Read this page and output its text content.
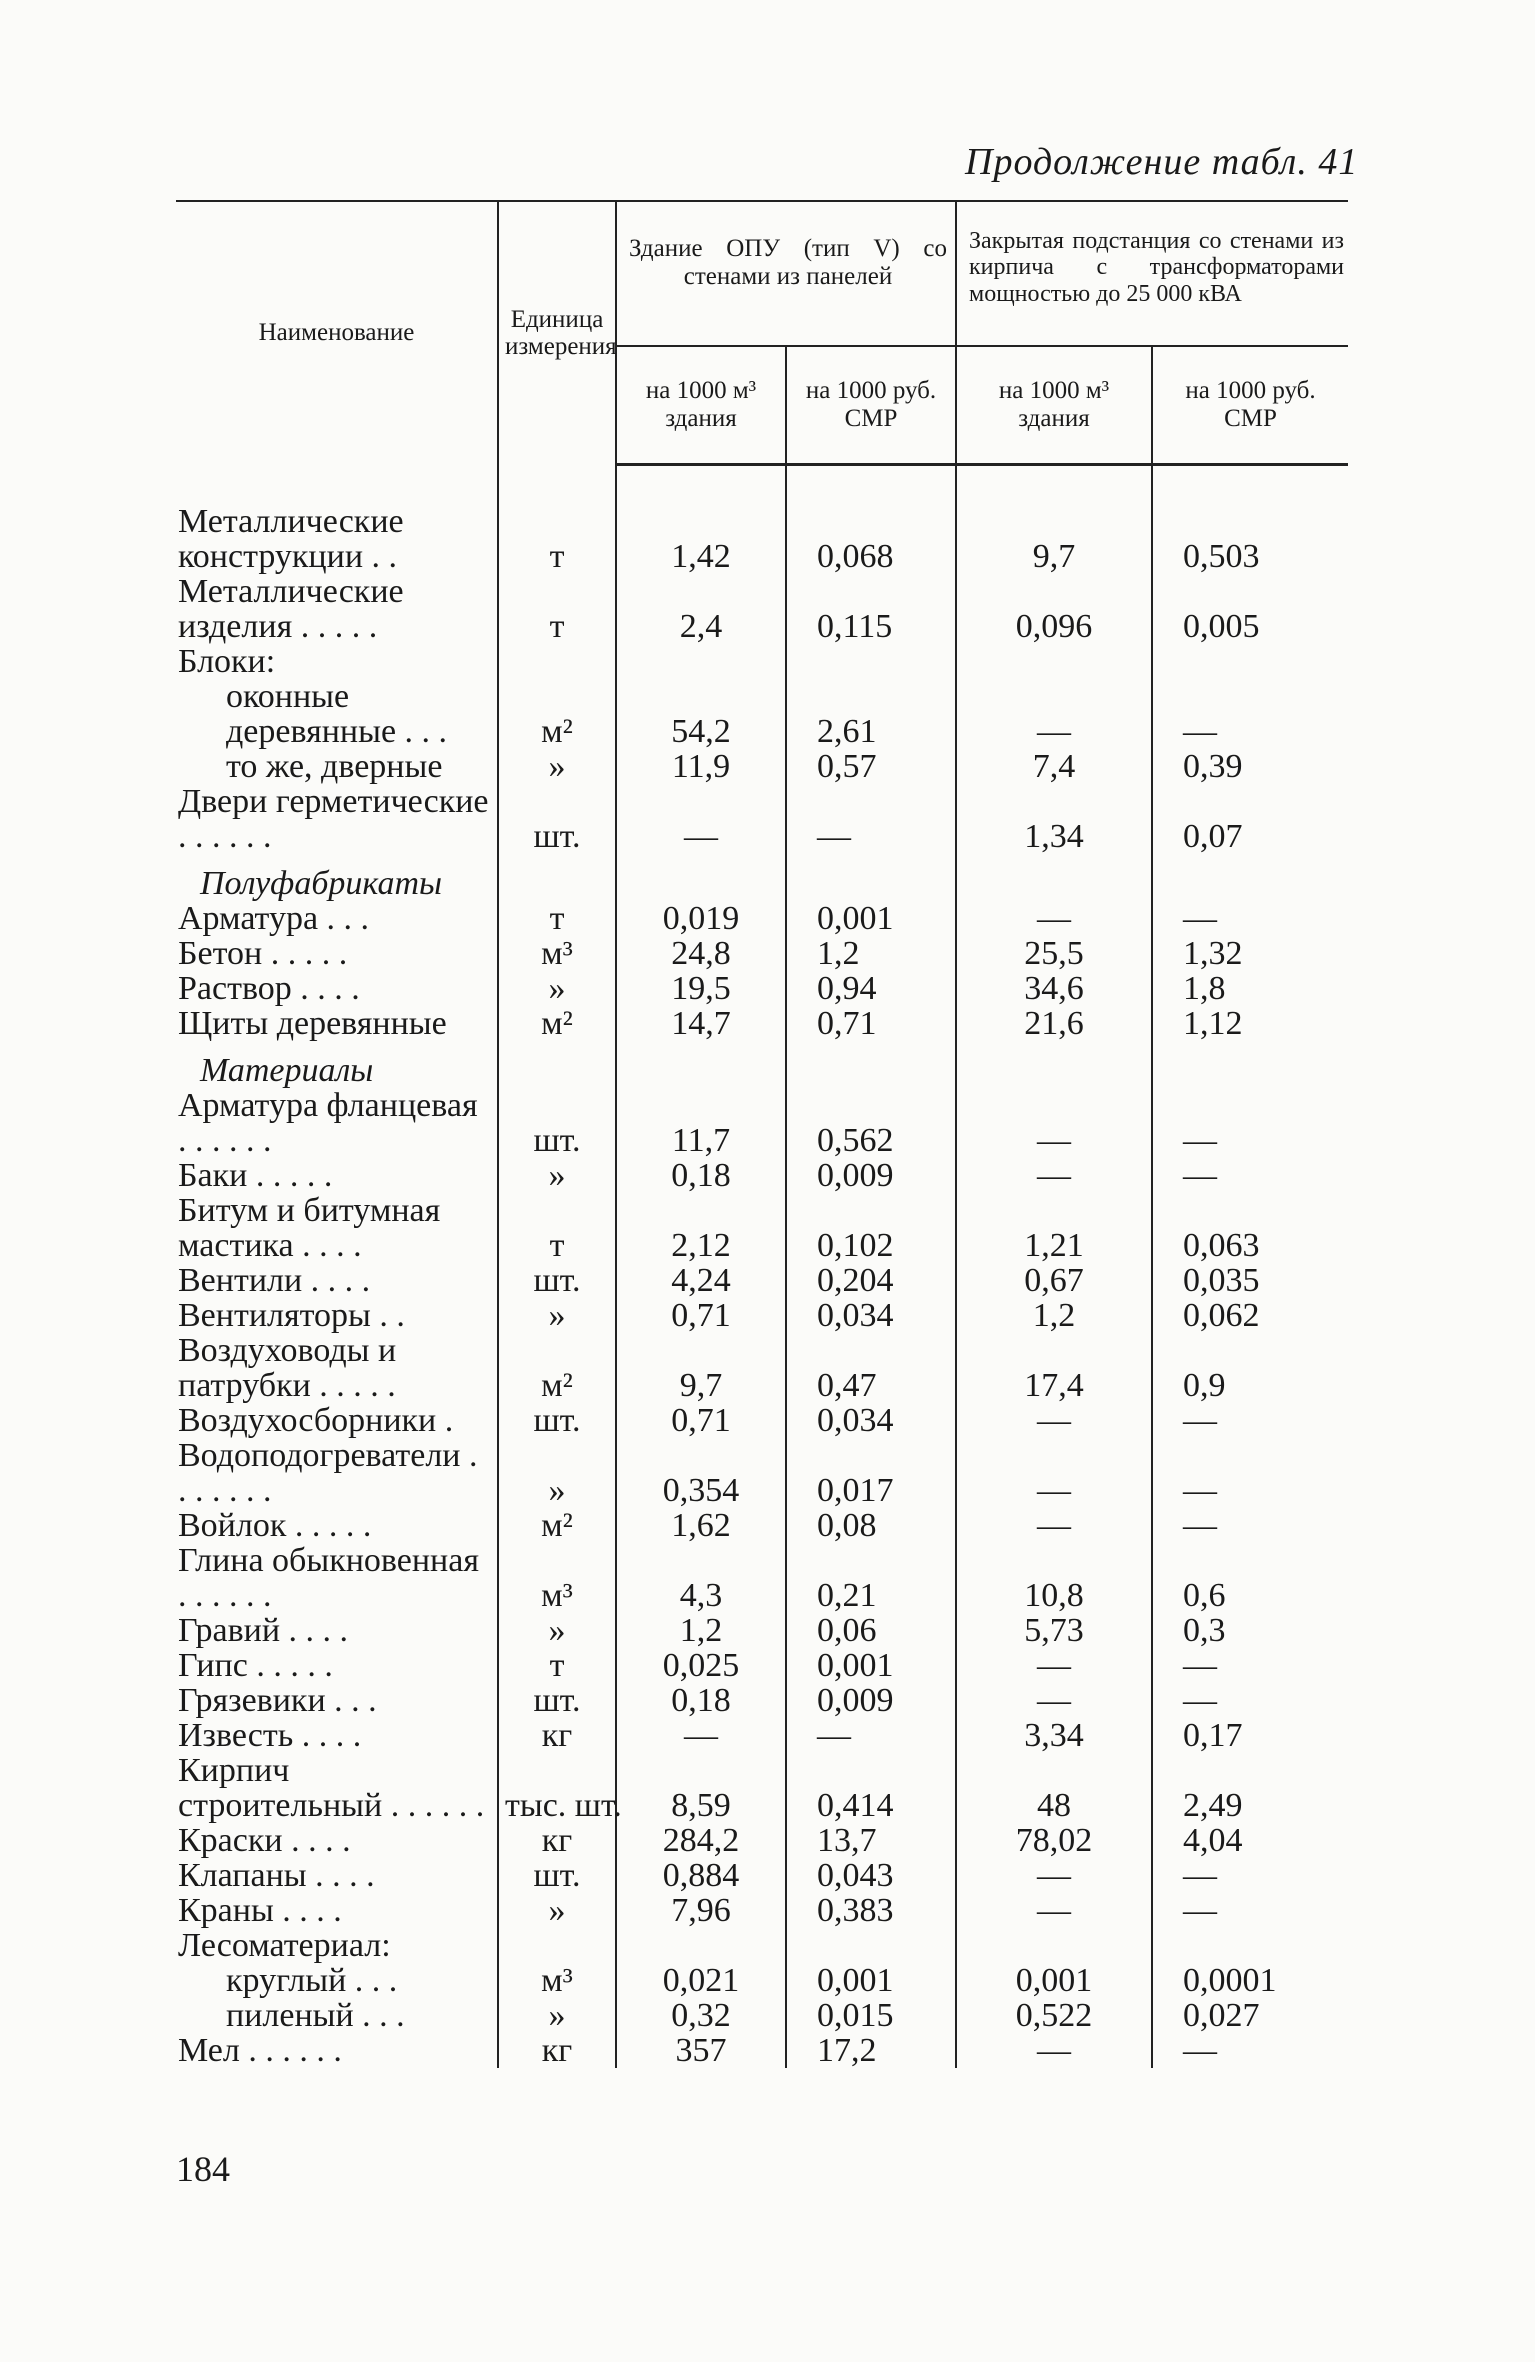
Продолжение табл. 41
Наименование	Единица измерения	Здание ОПУ (тип V) со стенами из панелей		Закрытая подстанция со стенами из кирпича с трансформаторами мощностью до 25 000 кВА	
		на 1000 м³ здания	на 1000 руб. СМР	на 1000 м³ здания	на 1000 руб. СМР
Металлические конструкции . .	т	1,42	0,068	9,7	0,503
Металлические изделия . . . . .	т	2,4	0,115	0,096	0,005
Блоки:					
оконные деревянные . . .	м²	54,2	2,61	—	—
то же, дверные	»	11,9	0,57	7,4	0,39
Двери герметические . . . . . .	шт.	—	—	1,34	0,07
Полуфабрикаты					
Арматура . . .	т	0,019	0,001	—	—
Бетон . . . . .	м³	24,8	1,2	25,5	1,32
Раствор . . . .	»	19,5	0,94	34,6	1,8
Щиты деревянные	м²	14,7	0,71	21,6	1,12
Материалы					
Арматура фланцевая . . . . . .	шт.	11,7	0,562	—	—
Баки . . . . .	»	0,18	0,009	—	—
Битум и битумная мастика . . . .	т	2,12	0,102	1,21	0,063
Вентили . . . .	шт.	4,24	0,204	0,67	0,035
Вентиляторы . .	»	0,71	0,034	1,2	0,062
Воздуховоды и патрубки . . . . .	м²	9,7	0,47	17,4	0,9
Воздухосборники .	шт.	0,71	0,034	—	—
Водоподогреватели . . . . . . .	»	0,354	0,017	—	—
Войлок . . . . .	м²	1,62	0,08	—	—
Глина обыкновенная . . . . . .	м³	4,3	0,21	10,8	0,6
Гравий . . . .	»	1,2	0,06	5,73	0,3
Гипс . . . . .	т	0,025	0,001	—	—
Грязевики . . .	шт.	0,18	0,009	—	—
Известь . . . .	кг	—	—	3,34	0,17
Кирпич строительный . . . . . .	тыс. шт.	8,59	0,414	48	2,49
Краски . . . .	кг	284,2	13,7	78,02	4,04
Клапаны . . . .	шт.	0,884	0,043	—	—
Краны . . . .	»	7,96	0,383	—	—
Лесоматериал:					
круглый . . .	м³	0,021	0,001	0,001	0,0001
пиленый . . .	»	0,32	0,015	0,522	0,027
Мел . . . . . .	кг	357	17,2	—	—
184
